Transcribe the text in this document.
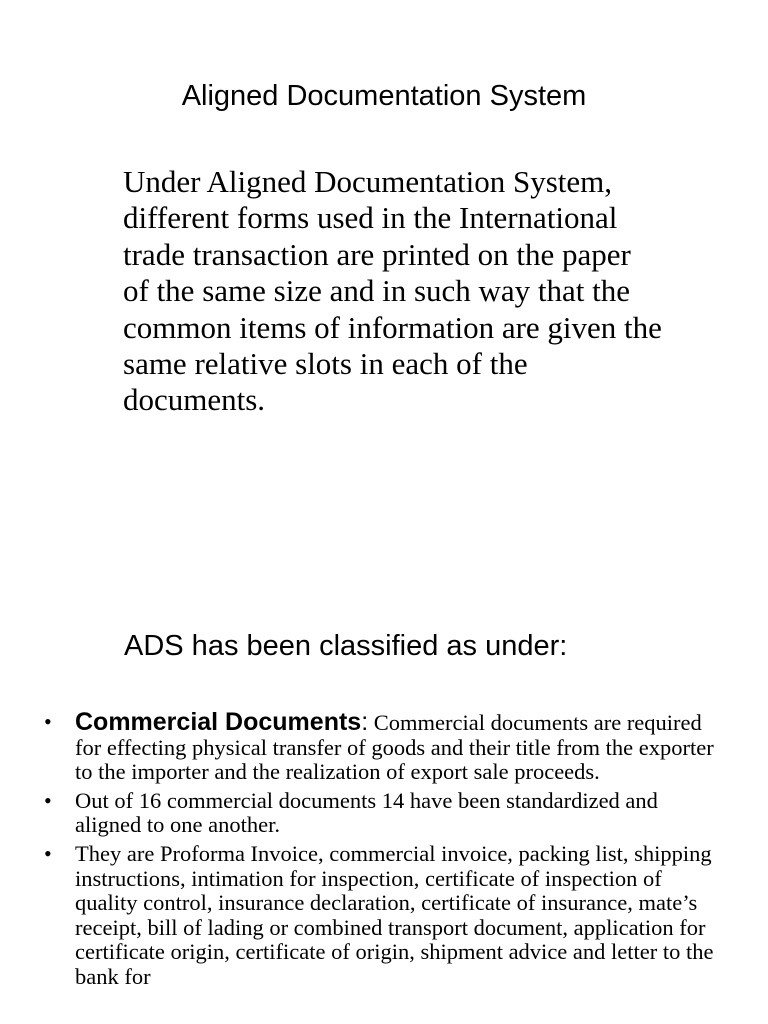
Aligned Documentation System

Under Aligned Documentation System, different forms used in the International trade transaction are printed on the paper of the same size and in such way that the common items of information are given the same relative slots in each of the documents.

ADS has been classified as under:
• Commercial Documents: Commercial documents are required for effecting physical transfer of goods and their title from the exporter to the importer and the realization of export sale proceeds.
• Out of 16 commercial documents 14 have been standardized and aligned to one another.
• They are Proforma Invoice, commercial invoice, packing list, shipping instructions, intimation for inspection, certificate of inspection of quality control, insurance declaration, certificate of insurance, mate’s receipt, bill of lading or combined transport document, application for certificate origin, certificate of origin, shipment advice and letter to the bank for
